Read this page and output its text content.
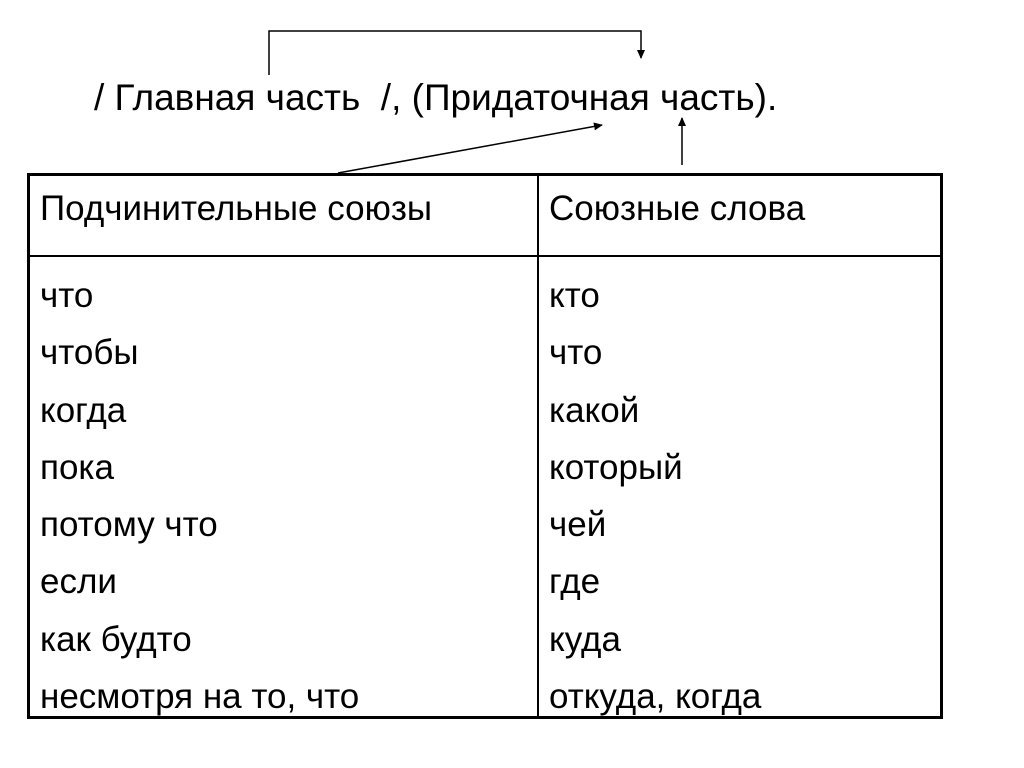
/ Главная часть  /, (Придаточная часть).

Подчинительные союзы	Союзные слова
что
чтобы
когда
пока
потому что
если
как будто
несмотря на то, что
кто
что
какой
который
чей
где
куда
откуда, когда
